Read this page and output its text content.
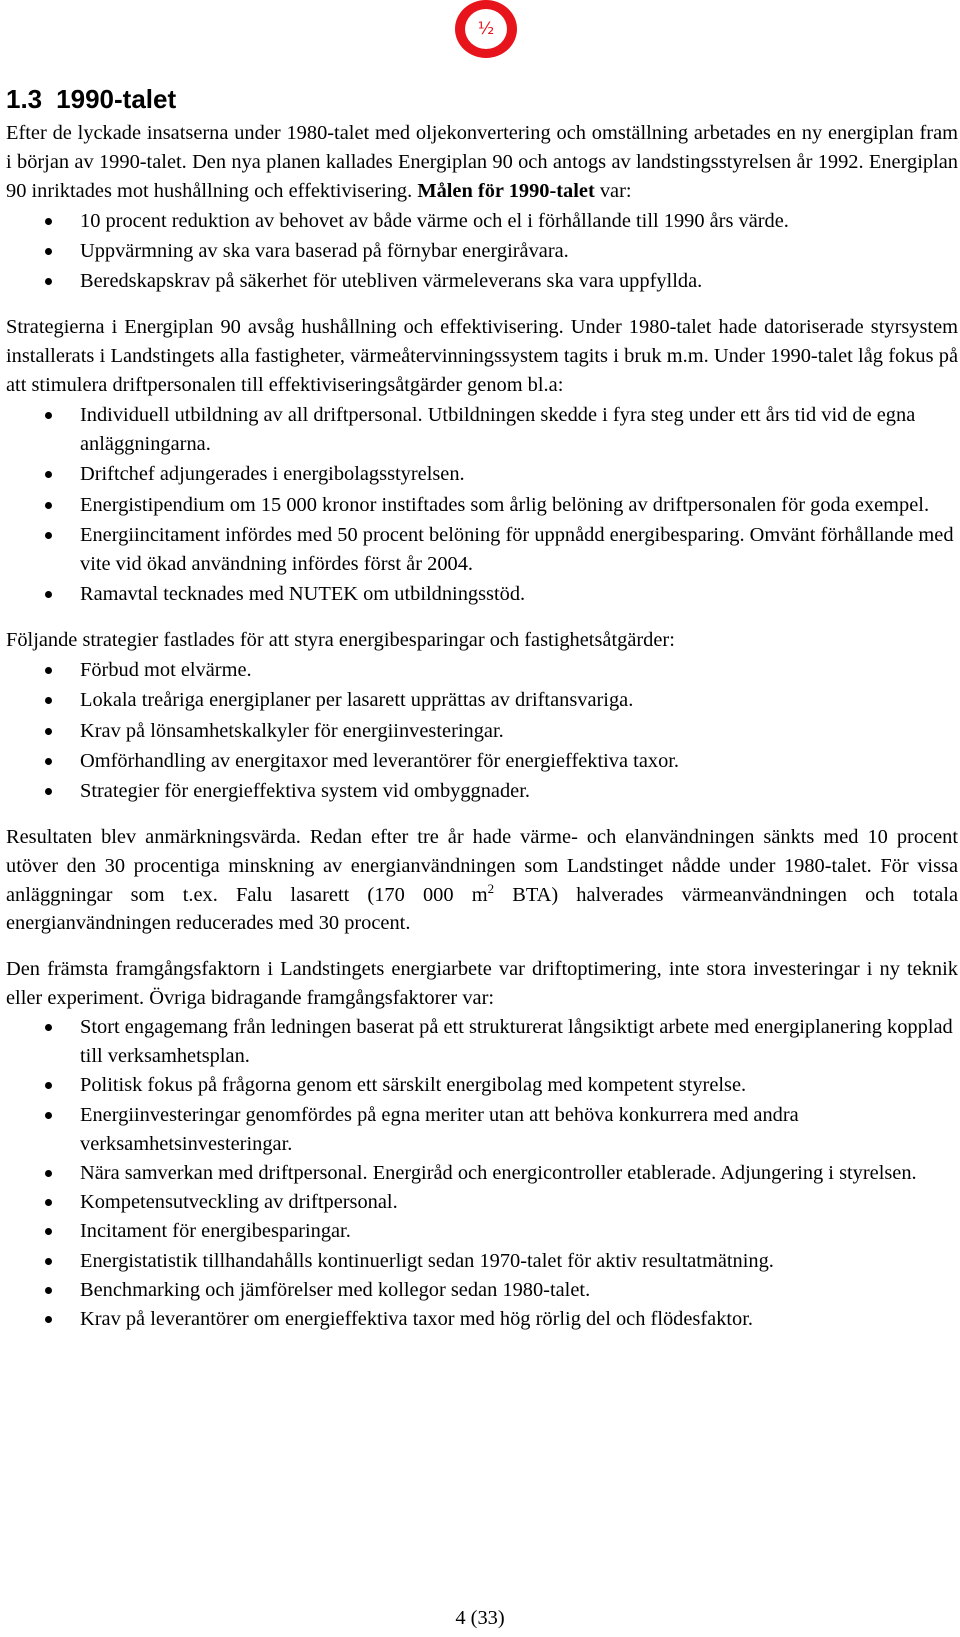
½
1.3 1990-talet

Efter de lyckade insatserna under 1980-talet med oljekonvertering och omställning arbetades en ny energiplan fram i början av 1990-talet. Den nya planen kallades Energiplan 90 och antogs av landstingsstyrelsen år 1992. Energiplan 90 inriktades mot hushållning och effektivisering. Målen för 1990-talet var:

10 procent reduktion av behovet av både värme och el i förhållande till 1990 års värde.
Uppvärmning av ska vara baserad på förnybar energiråvara.
Beredskapskrav på säkerhet för utebliven värmeleverans ska vara uppfyllda.

Strategierna i Energiplan 90 avsåg hushållning och effektivisering. Under 1980-talet hade datoriserade styrsystem installerats i Landstingets alla fastigheter, värmeåtervinningssystem tagits i bruk m.m. Under 1990-talet låg fokus på att stimulera driftpersonalen till effektiviseringsåtgärder genom bl.a:

Individuell utbildning av all driftpersonal. Utbildningen skedde i fyra steg under ett års tid vid de egna anläggningarna.
Driftchef adjungerades i energibolagsstyrelsen.
Energistipendium om 15 000 kronor instiftades som årlig belöning av driftpersonalen för goda exempel.
Energiincitament infördes med 50 procent belöning för uppnådd energibesparing. Omvänt förhållande med vite vid ökad användning infördes först år 2004.
Ramavtal tecknades med NUTEK om utbildningsstöd.

Följande strategier fastlades för att styra energibesparingar och fastighetsåtgärder:

Förbud mot elvärme.
Lokala treåriga energiplaner per lasarett upprättas av driftansvariga.
Krav på lönsamhetskalkyler för energiinvesteringar.
Omförhandling av energitaxor med leverantörer för energieffektiva taxor.
Strategier för energieffektiva system vid ombyggnader.

Resultaten blev anmärkningsvärda. Redan efter tre år hade värme- och elanvändningen sänkts med 10 procent utöver den 30 procentiga minskning av energianvändningen som Landstinget nådde under 1980-talet. För vissa anläggningar som t.ex. Falu lasarett (170 000 $m^2$ BTA) halverades värmeanvändningen och totala energianvändningen reducerades med 30 procent.

Den främsta framgångsfaktorn i Landstingets energiarbete var driftoptimering, inte stora investeringar i ny teknik eller experiment. Övriga bidragande framgångsfaktorer var:

Stort engagemang från ledningen baserat på ett strukturerat långsiktigt arbete med energiplanering kopplad till verksamhetsplan.
Politisk fokus på frågorna genom ett särskilt energibolag med kompetent styrelse.
Energiinvesteringar genomfördes på egna meriter utan att behöva konkurrera med andra verksamhetsinvesteringar.
Nära samverkan med driftpersonal. Energiråd och energicontroller etablerade. Adjungering i styrelsen.
Kompetensutveckling av driftpersonal.
Incitament för energibesparingar.
Energistatistik tillhandahålls kontinuerligt sedan 1970-talet för aktiv resultatmätning.
Benchmarking och jämförelser med kollegor sedan 1980-talet.
Krav på leverantörer om energieffektiva taxor med hög rörlig del och flödesfaktor.
4 (33)
